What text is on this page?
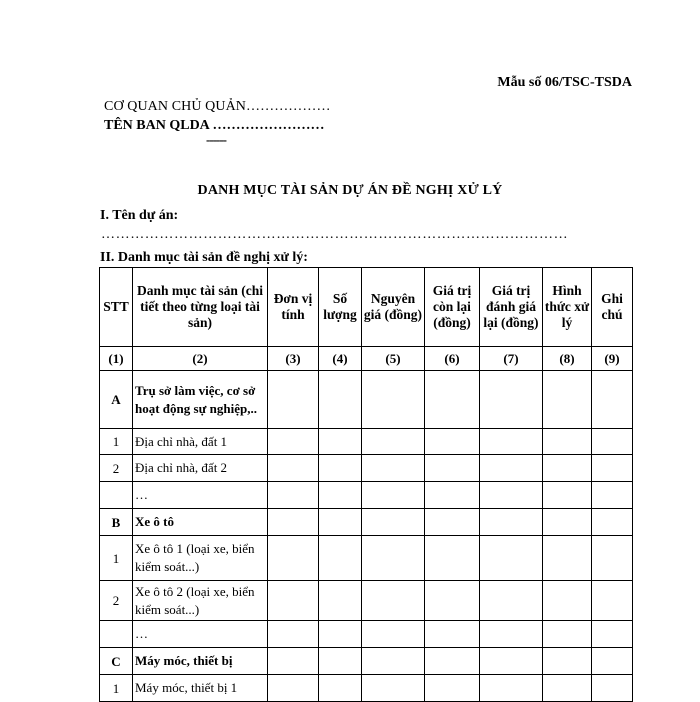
Mẫu số 06/TSC-TSDA
CƠ QUAN CHỦ QUẢN………………
TÊN BAN QLDA ……………………
------
DANH MỤC TÀI SẢN DỰ ÁN ĐỀ NGHỊ XỬ LÝ
I. Tên dự án:
……………………………………………………………………………………
II. Danh mục tài sản đề nghị xử lý:
STT	Danh mục tài sản (chi tiết theo từng loại tài sản)	Đơn vị tính	Số lượng	Nguyên giá (đồng)	Giá trị còn lại (đồng)	Giá trị đánh giá lại (đồng)	Hình thức xử lý	Ghi chú
(1)	(2)	(3)	(4)	(5)	(6)	(7)	(8)	(9)
A	Trụ sở làm việc, cơ sở hoạt động sự nghiệp,..							
1	Địa chỉ nhà, đất 1							
2	Địa chỉ nhà, đất 2							
	…							
B	Xe ô tô							
1	Xe ô tô 1 (loại xe, biển kiểm soát...)							
2	Xe ô tô 2 (loại xe, biển kiểm soát...)							
	…							
C	Máy móc, thiết bị							
1	Máy móc, thiết bị 1							
